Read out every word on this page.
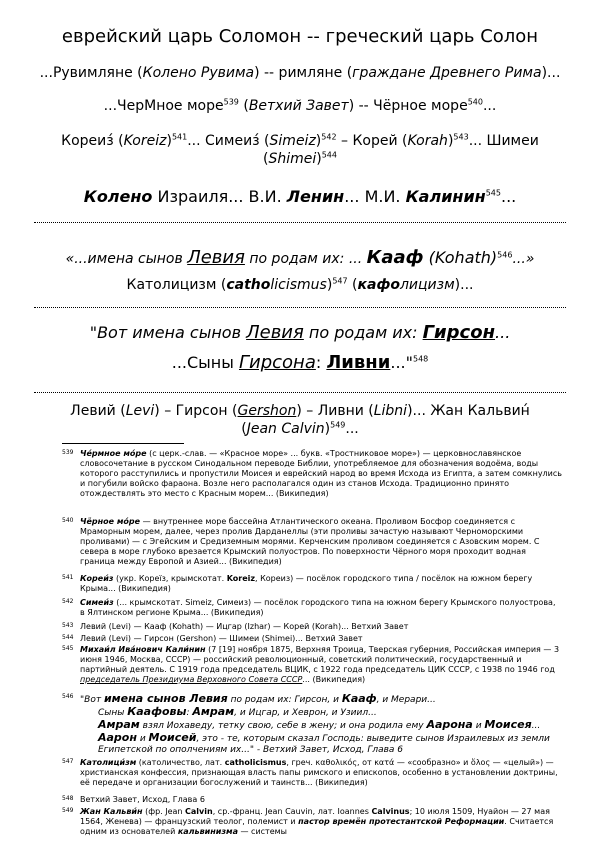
еврейский царь Соломон -- греческий царь Солон
...Рувимляне (Колено Рувима) -- римляне (граждане Древнего Рима)...
...ЧерМное море$^{539}$ (Ветхий Завет) -- Чёрное море$^{540}$...
Кореиз́ (Koreiz)$^{541}$... Симеиз́ (Simeiz)$^{542}$ – Корей (Korah)$^{543}$... Шимеи
(Shimei)$^{544}$
Колено Израиля... В.И. Ленин... М.И. Калинин$^{545}$...
«...имена сынов Левия по родам их: ... Кааф (Kohath)$^{546}$...»
Католицизм (catholicismus)$^{547}$ (кафолицизм)...
"Вот имена сынов Левия по родам их: Гирсон...
...Сыны Гирсона: Ливни..."$^{548}$
Левий (Levi) – Гирсон (Gershon) – Ливни (Libni)... Жан Кальвин́
(Jean Calvin)$^{549}$...
539 Че́рмное мо́ре (с церк.-слав. — «Красное море» ... букв. «Тростниковое море») — церковнославянское словосочетание в русском Синодальном переводе Библии, употребляемое для обозначения водоёма, воды которого расступились и пропустили Моисея и еврейский народ во время Исхода из Египта, а затем сомкнулись и погубили войско фараона. Возле него располагался один из станов Исхода. Традиционно принято отождествлять это место с Красным морем... (Википедия)
540 Чёрное мо́ре — внутреннее море бассейна Атлантического океана. Проливом Босфор соединяется с Мраморным морем, далее, через пролив Дарданеллы (эти проливы зачастую называют Черноморскими проливами) — с Эгейским и Средиземным морями. Керченским проливом соединяется с Азовским морем. С севера в море глубоко врезается Крымский полуостров. По поверхности Чёрного моря проходит водная граница между Европой и Азией... (Википедия)
541 Кореи́з (укр. Кореїз, крымскотат. Koreiz, Кореиз) — посёлок городского типа / посёлок на южном берегу Крыма... (Википедия)
542 Симеи́з (... крымскотат. Simeiz, Симеиз) — посёлок городского типа на южном берегу Крымского полуострова, в Ялтинском регионе Крыма... (Википедия)
543 Левий (Levi) — Кааф (Kohath) — Ицгар (Izhar) — Корей (Korah)... Ветхий Завет
544 Левий (Levi) — Гирсон (Gershon) — Шимеи (Shimei)... Ветхий Завет
545 Михаи́л Ива́нович Кали́нин (7 [19] ноября 1875, Верхняя Троица, Тверская губерния, Российская империя — 3 июня 1946, Москва, СССР) — российский революционный, советский политический, государственный и партийный деятель. С 1919 года председатель ВЦИК, с 1922 года председатель ЦИК СССР, с 1938 по 1946 год председатель Президиума Верховного Совета СССР... (Википедия)
546 "Вот имена сынов Левия по родам их: Гирсон, и Кааф, и Мерари...
Сыны Каафовы: Амрам, и Ицгар, и Хеврон, и Узиил...
Амрам взял Иохаведу, тетку свою, себе в жену; и она родила ему Аарона и Моисея...
Аарон и Моисей, это - те, которым сказал Господь: выведите сынов Израилевых из земли
Египетской по ополчениям их..." - Ветхий Завет, Исход, Глава 6
547 Католици́зм (католичество, лат. catholicismus, греч. καθολικός, от κατά — «сообразно» и ὅλος — «целый») — христианская конфессия, признающая власть папы римского и епископов, особенно в установлении доктрины, её передаче и организации богослужений и таинств... (Википедия)
548 Ветхий Завет, Исход, Глава 6
549 Жан Кальви́н (фр. Jean Calvin, ср.-франц. Jean Cauvin, лат. Ioannes Calvinus; 10 июля 1509, Нуайон — 27 мая 1564, Женева) — французский теолог, полемист и пастор времён протестантской Реформации. Считается одним из основателей кальвинизма — системы
